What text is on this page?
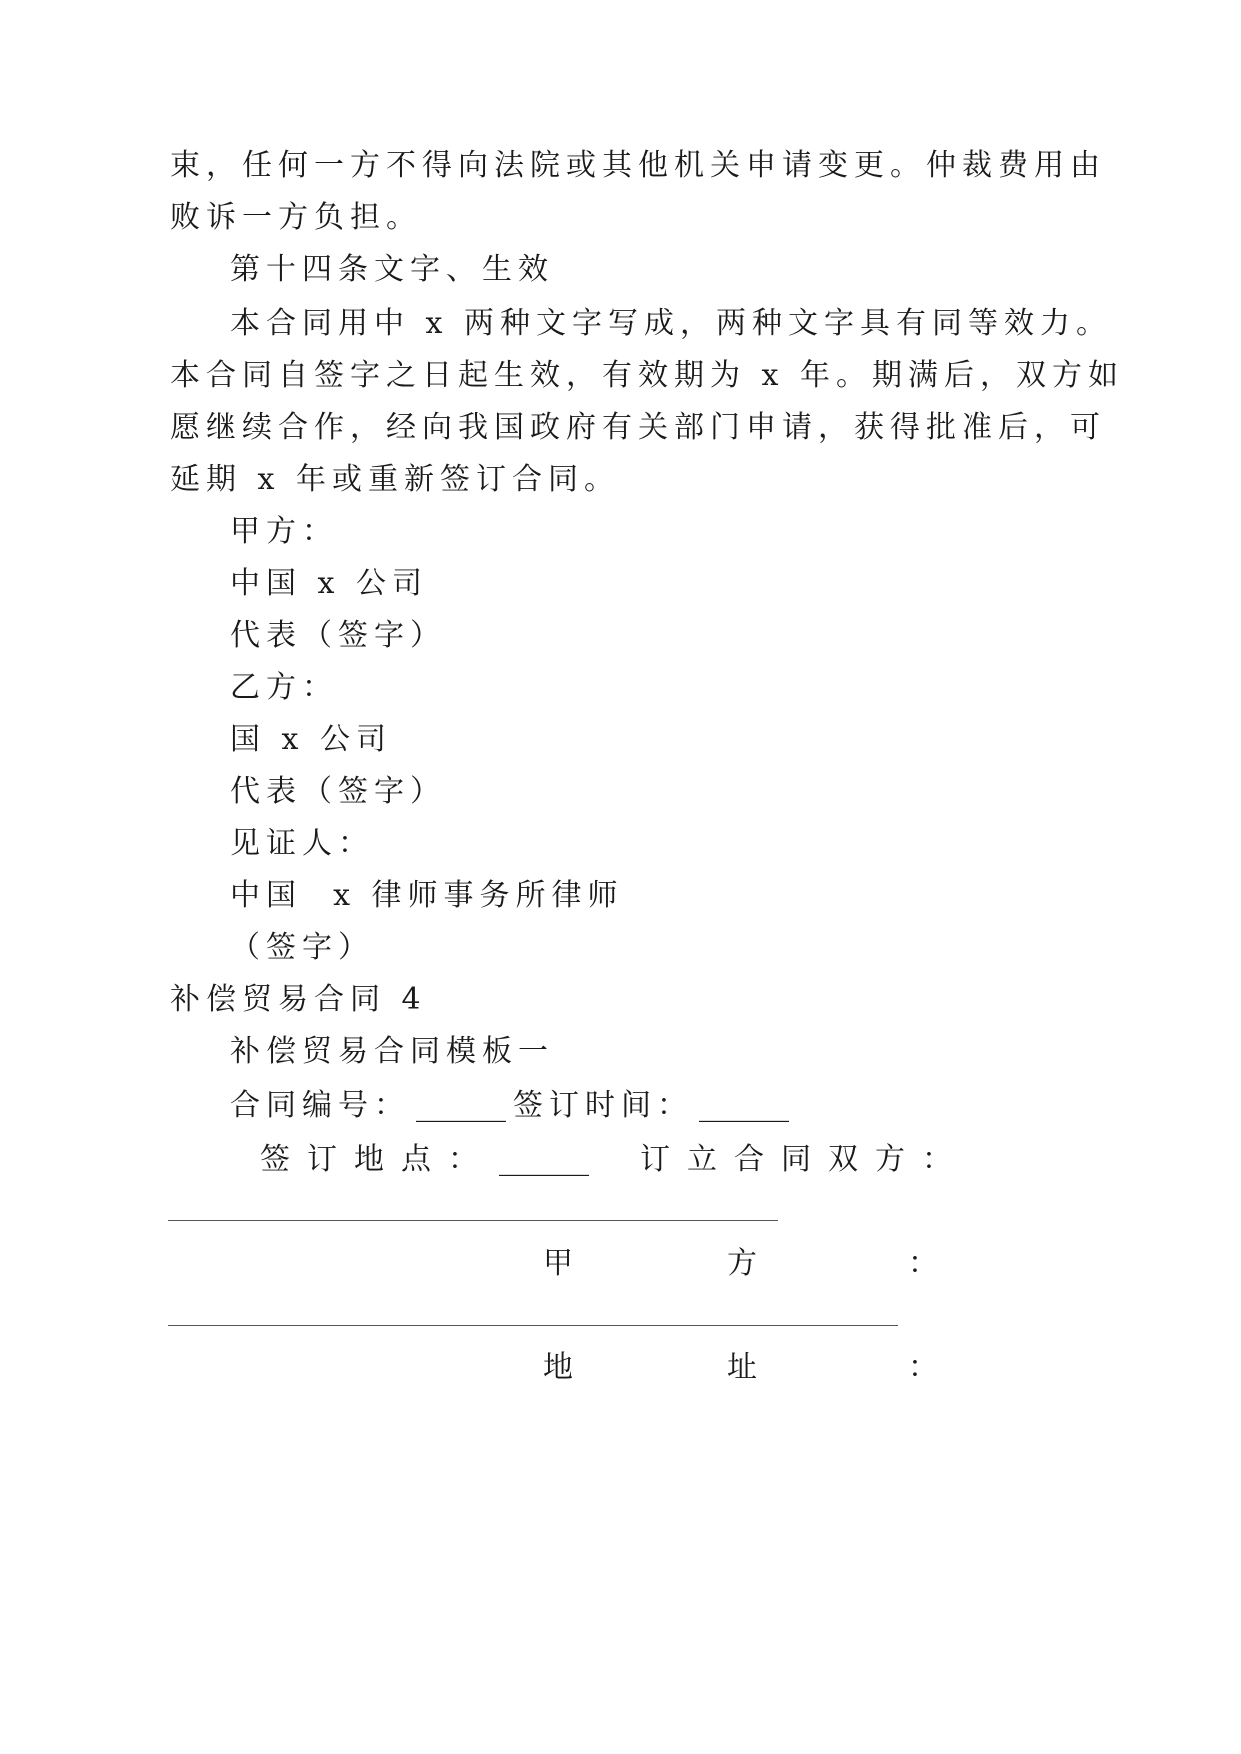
束，任何一方不得向法院或其他机关申请变更。仲裁费用由
败诉一方负担。
第十四条文字、生效
本合同用中 x 两种文字写成，两种文字具有同等效力。
本合同自签字之日起生效，有效期为 x 年。期满后，双方如
愿继续合作，经向我国政府有关部门申请，获得批准后，可
延期 x 年或重新签订合同。
甲方：
中国 x 公司
代表（签字）
乙方：
国 x 公司
代表（签字）
见证人：
中国  x 律师事务所律师
（签字）
补偿贸易合同 4
补偿贸易合同模板一
合同编号： ______ 签订时间： ______
签订地点： ______ 订立合同双方：
甲	方	：
地	址	：
